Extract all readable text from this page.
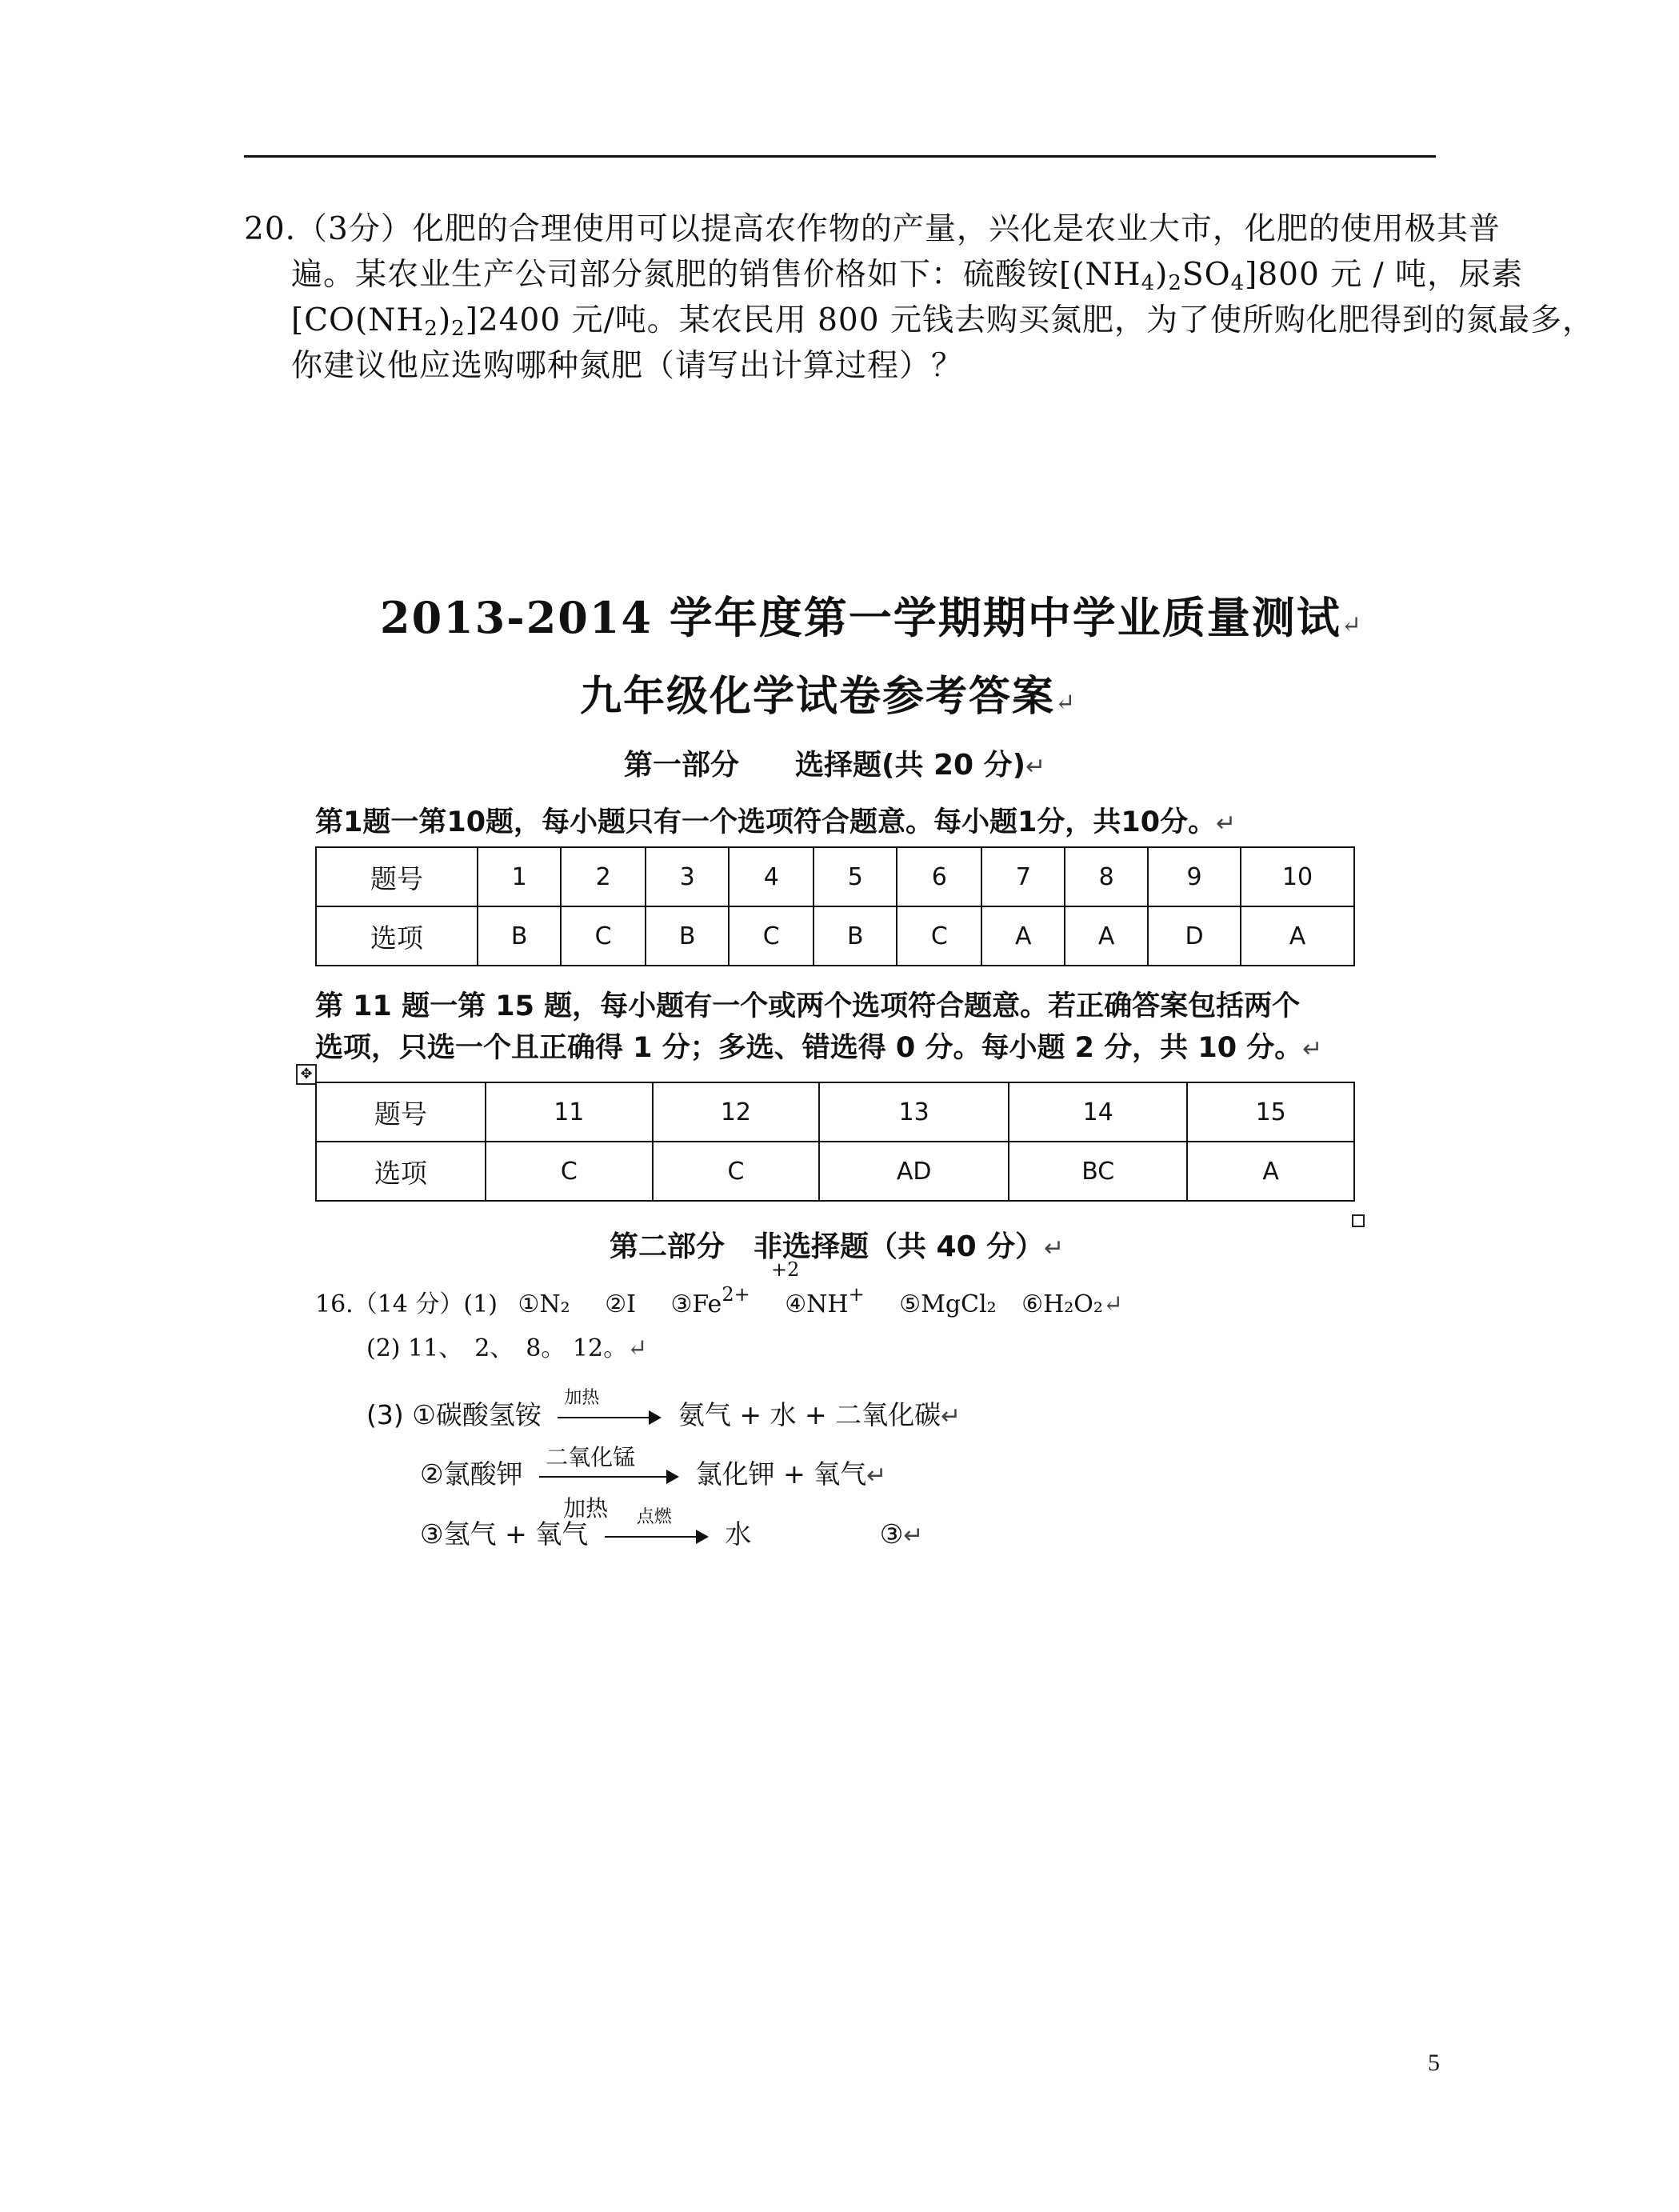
20.（3分）化肥的合理使用可以提高农作物的产量，兴化是农业大市，化肥的使用极其普
遍。某农业生产公司部分氮肥的销售价格如下：硫酸铵$[(NH_4)_2SO_4]800$ 元 / 吨，尿素
$[CO(NH_2)_2]2400$ 元/吨。某农民用 800 元钱去购买氮肥，为了使所购化肥得到的氮最多，
你建议他应选购哪种氮肥（请写出计算过程）？

2013-2014 学年度第一学期期中学业质量测试↵
九年级化学试卷参考答案↵
第一部分 选择题(共 20 分)↵
第1题一第10题，每小题只有一个选项符合题意。每小题1分，共10分。↵
题号	1	2	3	4	5	6	7	8	9	10
选项	B	C	B	C	B	C	A	A	D	A
第 11 题一第 15 题，每小题有一个或两个选项符合题意。若正确答案包括两个
选项，只选一个且正确得 1 分；多选、错选得 0 分。每小题 2 分，共 10 分。↵
✥
题号	11	12	13	14	15
选项	C	C	AD	BC	A
第二部分　非选择题（共 40 分）↵
+2
16.（14 分）(1) ①N₂ ②I $③Fe^{2+}$ ④NH+ ⑤MgCl₂ ⑥H₂O₂↵
(2) 11、　2、　8。 12。↵
(3) ①碳酸氢铵
加热
氨气 + 水 + 二氧化碳↵
②氯酸钾
二氧化锰
加热
氯化钾 + 氧气↵
③氢气 + 氧气
点燃
水	③↵
5
